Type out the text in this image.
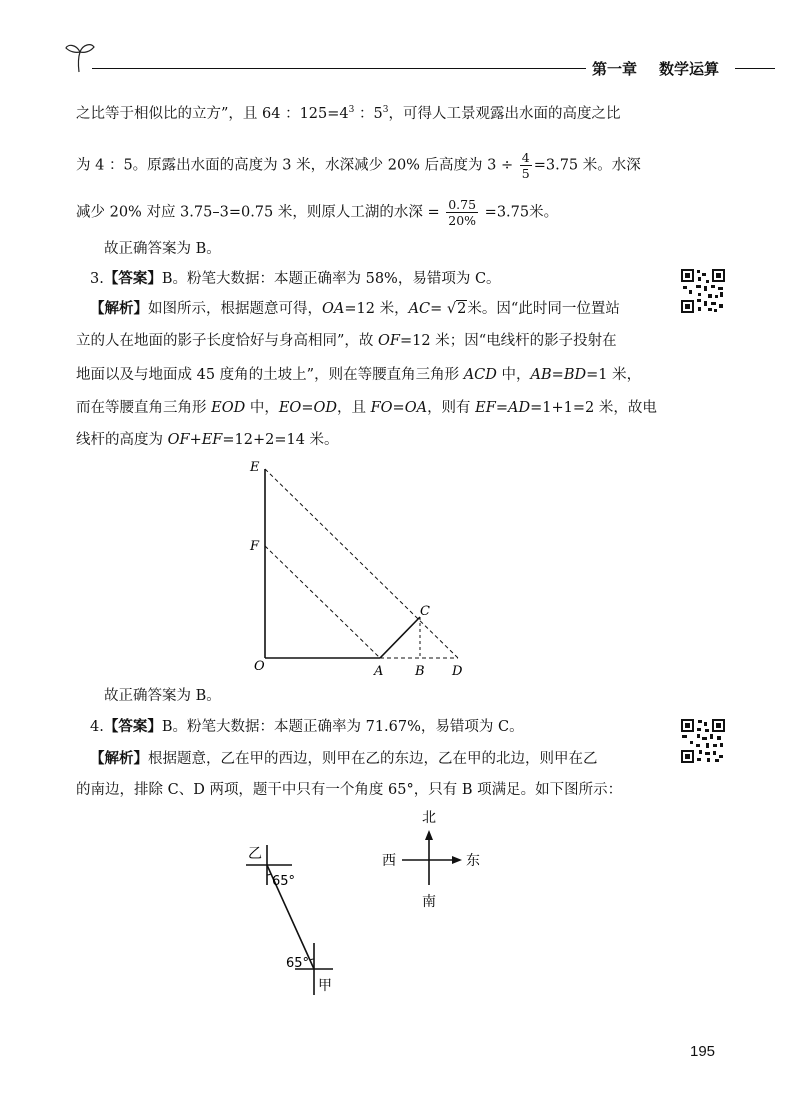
第一章 数学运算
之比等于相似比的立方”，且 64 ：$125=4^3$ ：$5^3$，可得人工景观露出水面的高度之比
为 4 ：5。原露出水面的高度为 3 米，水深减少 20% 后高度为 $3 \div \frac{4}{5} =3.75$ 米。水深
减少 20% 对应 3.75–3=0.75 米，则原人工湖的水深 = $\frac{0.75}{20\%} =3.75$米。
故正确答案为 B。
3.【答案】B。粉笔大数据：本题正确率为 58%，易错项为 C。
【解析】如图所示，根据题意可得，OA=12 米，AC= √2米。因“此时同一位置站
立的人在地面的影子长度恰好与身高相同”，故 OF=12 米；因“电线杆的影子投射在
地面以及与地面成 45 度角的土坡上”，则在等腰直角三角形 ACD 中，AB=BD=1 米，
而在等腰直角三角形 EOD 中，EO=OD，且 FO=OA，则有 EF=AD=1+1=2 米，故电
线杆的高度为 OF+EF=12+2=14 米。
E
F
C
O	A B D
故正确答案为 B。
4.【答案】B。粉笔大数据：本题正确率为 71.67%，易错项为 C。
【解析】根据题意，乙在甲的西边，则甲在乙的东边，乙在甲的北边，则甲在乙
的南边，排除 C、D 两项，题干中只有一个角度 65°，只有 B 项满足。如下图所示：
乙
65°
65°
甲
北
西	东
南
195
